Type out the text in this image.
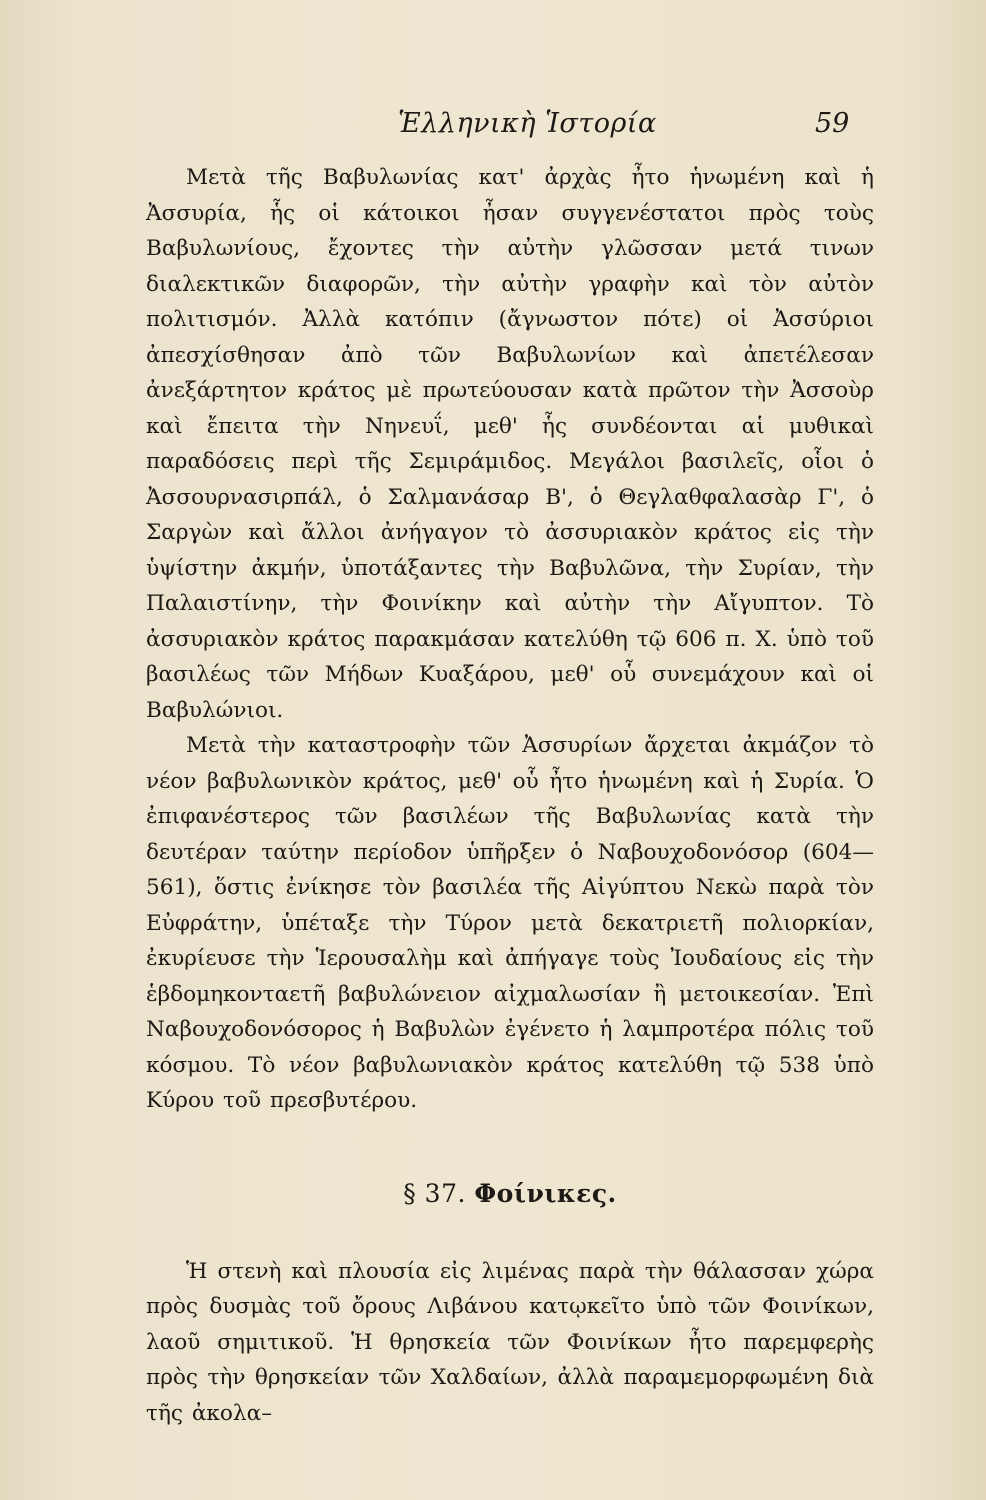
Ἑλληνικὴ Ἱστορία	59

Μετὰ τῆς Βαβυλωνίας κατ' ἀρχὰς ἦτο ἡνωμένη καὶ ἡ Ἀσσυρία, ἧς οἱ κάτοικοι ἦσαν συγγενέστατοι πρὸς τοὺς Βαβυλωνίους, ἔχοντες τὴν αὐτὴν γλῶσσαν μετά τινων διαλεκτικῶν διαφορῶν, τὴν αὐτὴν γραφὴν καὶ τὸν αὐτὸν πολιτισμόν. Ἀλλὰ κατόπιν (ἄγνωστον πότε) οἱ Ἀσσύριοι ἀπεσχίσθησαν ἀπὸ τῶν Βαβυλωνίων καὶ ἀπετέλεσαν ἀνεξάρτητον κράτος μὲ πρωτεύουσαν κατὰ πρῶτον τὴν Ἀσσοὺρ καὶ ἔπειτα τὴν Νηνευΐ, μεθ' ἧς συνδέονται αἱ μυθικαὶ παραδόσεις περὶ τῆς Σεμιράμιδος. Μεγάλοι βασιλεῖς, οἷοι ὁ Ἀσσουρνασιρπάλ, ὁ Σαλμανάσαρ Β', ὁ Θεγλαθφαλασὰρ Γ', ὁ Σαργὼν καὶ ἄλλοι ἀνήγαγον τὸ ἀσσυριακὸν κράτος εἰς τὴν ὑψίστην ἀκμήν, ὑποτάξαντες τὴν Βαβυλῶνα, τὴν Συρίαν, τὴν Παλαιστίνην, τὴν Φοινίκην καὶ αὐτὴν τὴν Αἴγυπτον. Τὸ ἀσσυριακὸν κράτος παρακμάσαν κατελύθη τῷ 606 π. Χ. ὑπὸ τοῦ βασιλέως τῶν Μήδων Κυαξάρου, μεθ' οὗ συνεμάχουν καὶ οἱ Βαβυλώνιοι.

Μετὰ τὴν καταστροφὴν τῶν Ἀσσυρίων ἄρχεται ἀκμάζον τὸ νέον βαβυλωνικὸν κράτος, μεθ' οὗ ἦτο ἡνωμένη καὶ ἡ Συρία. Ὁ ἐπιφανέστερος τῶν βασιλέων τῆς Βαβυλωνίας κατὰ τὴν δευτέραν ταύτην περίοδον ὑπῆρξεν ὁ Ναβουχοδονόσορ (604—561), ὅστις ἐνίκησε τὸν βασιλέα τῆς Αἰγύπτου Νεκὼ παρὰ τὸν Εὐφράτην, ὑπέταξε τὴν Τύρον μετὰ δεκατριετῆ πολιορκίαν, ἐκυρίευσε τὴν Ἱερουσαλὴμ καὶ ἀπήγαγε τοὺς Ἰουδαίους εἰς τὴν ἑβδομηκονταετῆ βαβυλώνειον αἰχμαλωσίαν ἢ μετοικεσίαν. Ἐπὶ Ναβουχοδονόσορος ἡ Βαβυλὼν ἐγένετο ἡ λαμπροτέρα πόλις τοῦ κόσμου. Τὸ νέον βαβυλωνιακὸν κράτος κατελύθη τῷ 538 ὑπὸ Κύρου τοῦ πρεσβυτέρου.

§ 37. Φοίνικες.

Ἡ στενὴ καὶ πλουσία εἰς λιμένας παρὰ τὴν θάλασσαν χώρα πρὸς δυσμὰς τοῦ ὄρους Λιβάνου κατῳκεῖτο ὑπὸ τῶν Φοινίκων, λαοῦ σημιτικοῦ. Ἡ θρησκεία τῶν Φοινίκων ἦτο παρεμφερὴς πρὸς τὴν θρησκείαν τῶν Χαλδαίων, ἀλλὰ παραμεμορφωμένη διὰ τῆς ἀκολα–
